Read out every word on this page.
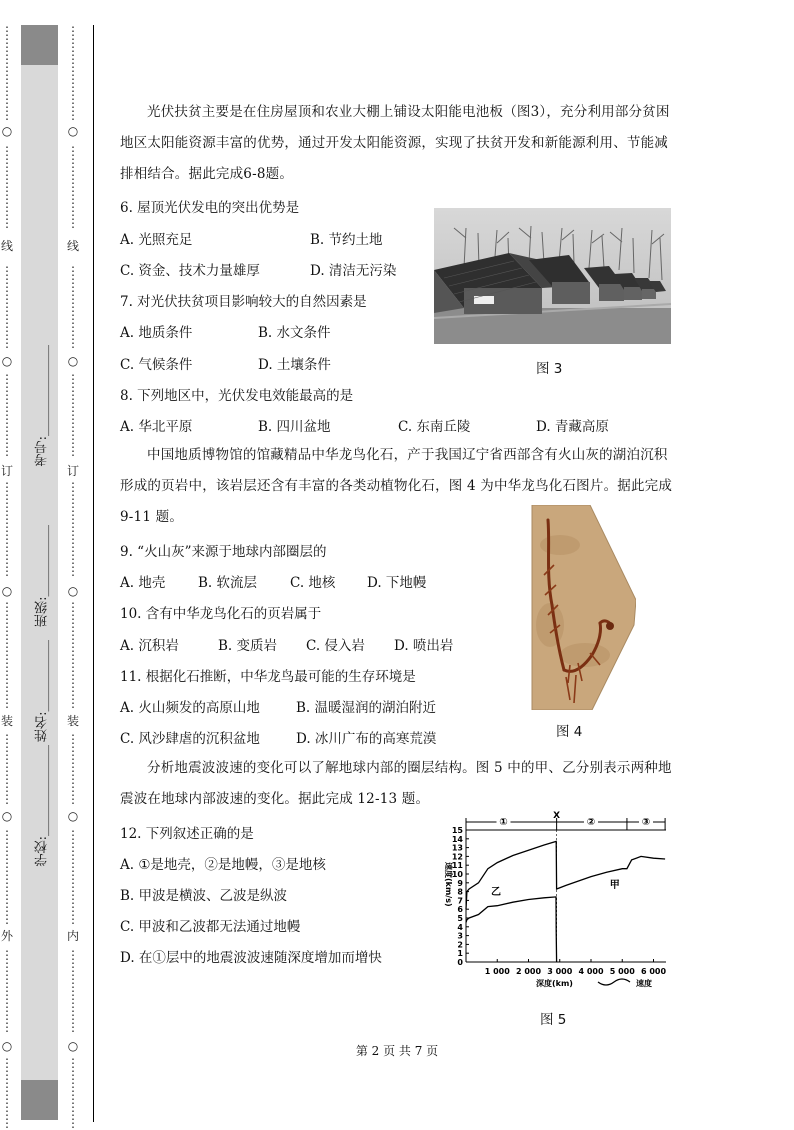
⋮
⋮
⋮
⋮
⋮
⋮
⋮
⋮
⋮
⋮
⋮
⋮
⋮
⋮
⋮
⋮
⋮
⋮
⋮
⋮
⋮
⋮
⋮
⋮
⋮
⋮
⋮
⋮
⋮
⋮
⋮
⋮
⋮
⋮
⋮
⋮
⋮
⋮
⋮
⋮
⋮
⋮
⋮
⋮
⋮
⋮
⋮
⋮
⋮
⋮
⋮
⋮
⋮
⋮
⋮
⋮
⋮
⋮
⋮
⋮
⋮
⋮
⋮
⋮
⋮
⋮
⋮
⋮
⋮
⋮
⋮
⋮
⋮
○
○
○
○
○
线
订
装
外
⋮
⋮
⋮
⋮
⋮
⋮
⋮
⋮
⋮
⋮
⋮
⋮
⋮
⋮
⋮
⋮
⋮
⋮
⋮
⋮
⋮
⋮
⋮
⋮
⋮
⋮
⋮
⋮
⋮
⋮
⋮
⋮
⋮
⋮
⋮
⋮
⋮
⋮
⋮
⋮
⋮
⋮
⋮
⋮
⋮
⋮
⋮
⋮
⋮
⋮
⋮
⋮
⋮
⋮
⋮
⋮
⋮
⋮
⋮
⋮
⋮
⋮
⋮
⋮
⋮
⋮
⋮
⋮
⋮
⋮
⋮
⋮
⋮
○
○
○
○
○
线
订
装
内
学校:______________
姓名:___________
班级:___________
考号:______________
光伏扶贫主要是在住房屋顶和农业大棚上铺设太阳能电池板（图3），充分利用部分贫困地区太阳能资源丰富的优势，通过开发太阳能资源，实现了扶贫开发和新能源利用、节能减排相结合。据此完成6-8题。
6. 屋顶光伏发电的突出优势是
A. 光照充足	B. 节约土地
C. 资金、技术力量雄厚	D. 清洁无污染
7. 对光伏扶贫项目影响较大的自然因素是
A. 地质条件	B. 水文条件
C. 气候条件	D. 土壤条件	图 3
8. 下列地区中，光伏发电效能最高的是
A. 华北平原	B. 四川盆地	C. 东南丘陵	D. 青藏高原
中国地质博物馆的馆藏精品中华龙鸟化石，产于我国辽宁省西部含有火山灰的湖泊沉积形成的页岩中，该岩层还含有丰富的各类动植物化石，图 4 为中华龙鸟化石图片。据此完成 9-11 题。
9. “火山灰”来源于地球内部圈层的
A. 地壳 B. 软流层 C. 地核 D. 下地幔
10. 含有中华龙鸟化石的页岩属于
A. 沉积岩	B. 变质岩 C. 侵入岩 D. 喷出岩
11. 根据化石推断，中华龙鸟最可能的生存环境是
A. 火山频发的高原山地	B. 温暖湿润的湖泊附近
C. 风沙肆虐的沉积盆地	D. 冰川广布的高寒荒漠	图 4
分析地震波波速的变化可以了解地球内部的圈层结构。图 5 中的甲、乙分别表示两种地震波在地球内部波速的变化。据此完成 12-13 题。
12. 下列叙述正确的是
A. ①是地壳，②是地幔，③是地核
B. 甲波是横波、乙波是纵波
C. 甲波和乙波都无法通过地幔
D. 在①层中的地震波波速随深度增加而增快	0
1
2
3
4
5
6
7
8
9
10
11
12
13
14
15
1 000 2 000 3 000 4 000 5 000 6 000
深度(km)
速度(km/s)
①
X
②	③
甲
乙
速度
图 5
第 2 页 共 7 页
